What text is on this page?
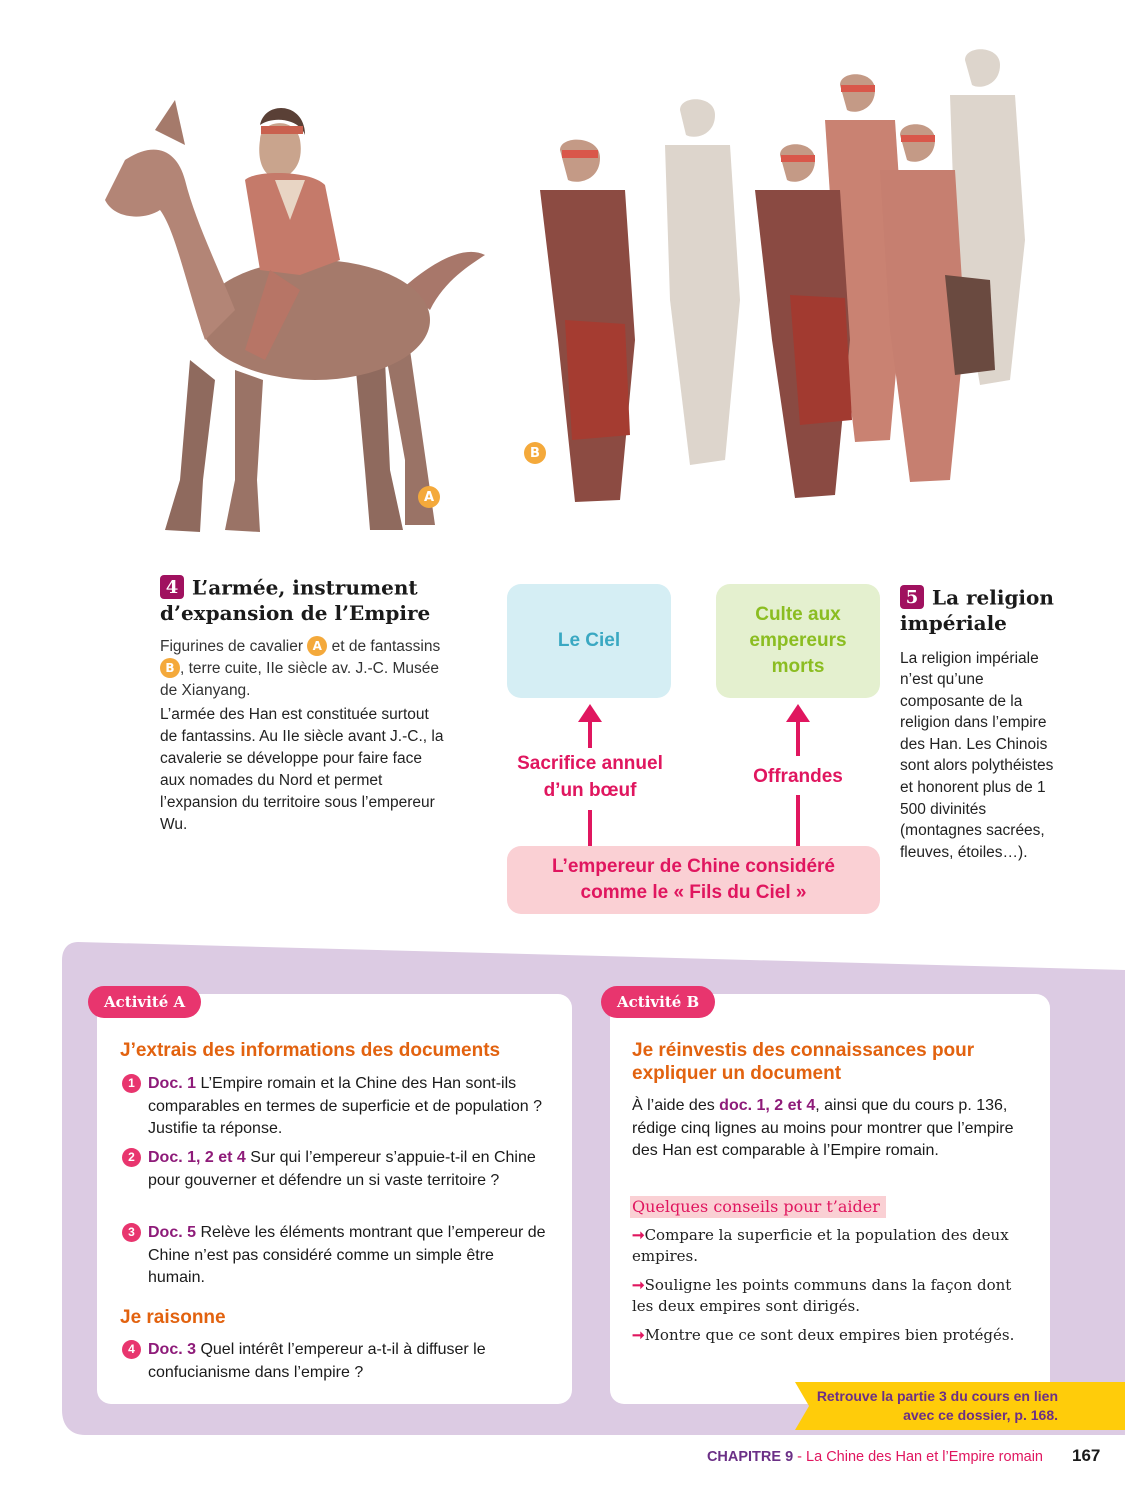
A
B
4 L’armée, instrument d’expansion de l’Empire
Figurines de cavalier A et de fantassins B , terre cuite, IIe siècle av. J.-C. Musée de Xianyang.
L’armée des Han est constituée surtout de fantassins. Au IIe siècle avant J.-C., la cavalerie se développe pour faire face aux nomades du Nord et permet l’expansion du territoire sous l’empereur Wu.
Le Ciel
Culte aux empereurs morts
Sacrifice annuel d’un bœuf
Offrandes
L’empereur de Chine considéré comme le « Fils du Ciel »
5 La religion impériale
La religion impériale n’est qu’une composante de la religion dans l’empire des Han. Les Chinois sont alors polythéistes et honorent plus de 1 500 divinités (montagnes sacrées, fleuves, étoiles…).
Activité A
J’extrais des informations des documents
1 Doc. 1 L’Empire romain et la Chine des Han sont-ils comparables en termes de superficie et de population ? Justifie ta réponse.
2 Doc. 1, 2 et 4 Sur qui l’empereur s’appuie-t-il en Chine pour gouverner et défendre un si vaste territoire ?
3 Doc. 5 Relève les éléments montrant que l’empereur de Chine n’est pas considéré comme un simple être humain.
Je raisonne
4 Doc. 3 Quel intérêt l’empereur a-t-il à diffuser le confucianisme dans l’empire ?
Activité B
Je réinvestis des connaissances pour expliquer un document
À l’aide des doc. 1, 2 et 4, ainsi que du cours p. 136, rédige cinq lignes au moins pour montrer que l’empire des Han est comparable à l’Empire romain.
Quelques conseils pour t’aider
➞Compare la superficie et la population des deux empires.
➞Souligne les points communs dans la façon dont les deux empires sont dirigés.
➞Montre que ce sont deux empires bien protégés.
Retrouve la partie 3 du cours en lien avec ce dossier, p. 168.
CHAPITRE 9 - La Chine des Han et l’Empire romain 167
